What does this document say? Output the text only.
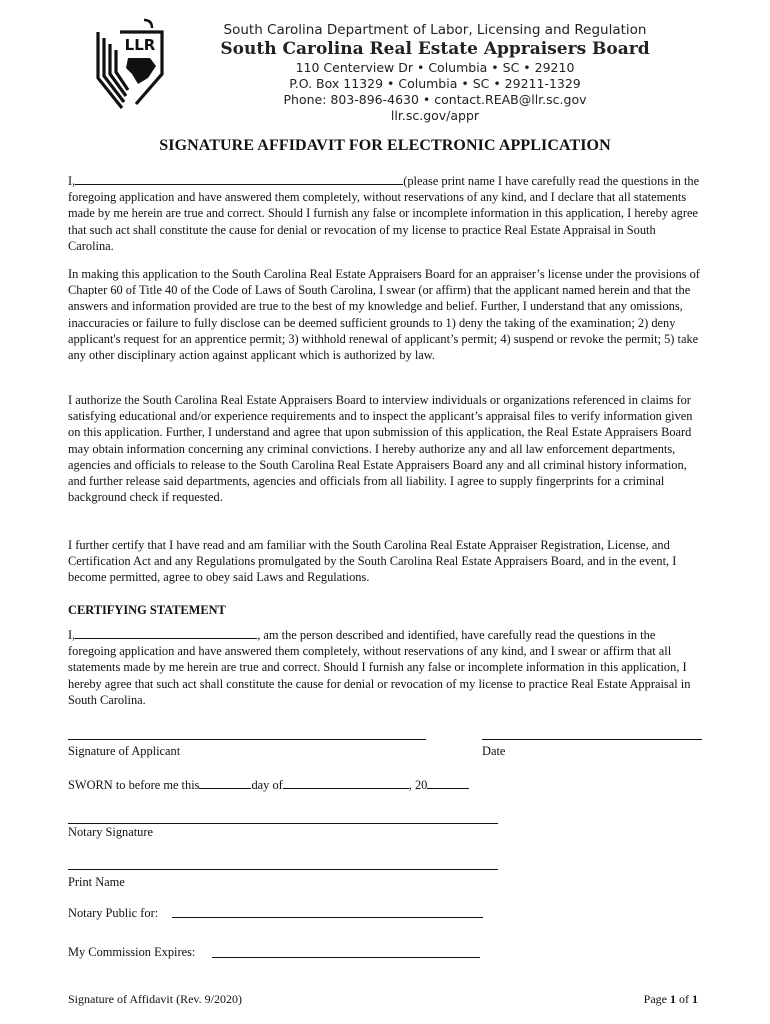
LLR
South Carolina Department of Labor, Licensing and Regulation
South Carolina Real Estate Appraisers Board
110 Centerview Dr • Columbia • SC • 29210
P.O. Box 11329 • Columbia • SC • 29211-1329
Phone: 803-896-4630 • contact.REAB@llr.sc.gov
llr.sc.gov/appr
SIGNATURE AFFIDAVIT FOR ELECTRONIC APPLICATION

I,	(please print name I have carefully read the questions in the foregoing application and have answered them completely, without reservations of any kind, and I declare that all statements made by me herein are true and correct. Should I furnish any false or incomplete information in this application, I hereby agree that such act shall constitute the cause for denial or revocation of my license to practice Real Estate Appraisal in South Carolina.

In making this application to the South Carolina Real Estate Appraisers Board for an appraiser’s license under the provisions of Chapter 60 of Title 40 of the Code of Laws of South Carolina, I swear (or affirm) that the applicant named herein and that the answers and information provided are true to the best of my knowledge and belief. Further, I understand that any omissions, inaccuracies or failure to fully disclose can be deemed sufficient grounds to 1) deny the taking of the examination; 2) deny applicant's request for an apprentice permit; 3) withhold renewal of applicant’s permit; 4) suspend or revoke the permit; 5) take any other disciplinary action against applicant which is authorized by law.

I authorize the South Carolina Real Estate Appraisers Board to interview individuals or organizations referenced in claims for satisfying educational and/or experience requirements and to inspect the applicant’s appraisal files to verify information given on this application. Further, I understand and agree that upon submission of this application, the Real Estate Appraisers Board may obtain information concerning any criminal convictions. I hereby authorize any and all law enforcement departments, agencies and officials to release to the South Carolina Real Estate Appraisers Board any and all criminal history information, and further release said departments, agencies and officials from all liability. I agree to supply fingerprints for a criminal background check if requested.

I further certify that I have read and am familiar with the South Carolina Real Estate Appraiser Registration, License, and Certification Act and any Regulations promulgated by the South Carolina Real Estate Appraisers Board, and in the event, I become permitted, agree to obey said Laws and Regulations.

CERTIFYING STATEMENT

I,	, am the person described and identified, have carefully read the questions in the foregoing application and have answered them completely, without reservations of any kind, and I swear or affirm that all statements made by me herein are true and correct. Should I furnish any false or incomplete information in this application, I hereby agree that such act shall constitute the cause for denial or revocation of my license to practice Real Estate Appraisal in South Carolina.

Signature of Applicant	Date
SWORN to before me this	day of	, 20
Notary Signature
Print Name
Notary Public for:
My Commission Expires:
Signature of Affidavit (Rev. 9/2020)	Page 1 of 1
